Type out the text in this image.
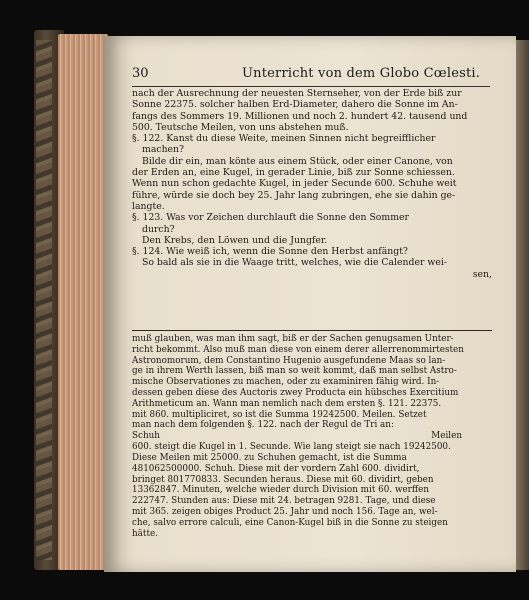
30	Unterricht von dem Globo Cœlesti.

nach der Ausrechnung der neuesten Sternseher, von der Erde biß zur

Sonne 22375. solcher halben Erd-Diameter, dahero die Sonne im An-

fangs des Sommers 19. Millionen und noch 2. hundert 42. tausend und

500. Teutsche Meilen, von uns abstehen muß.

§. 122. Kanst du diese Weite, meinen Sinnen nicht begreifflicher

machen?

Bilde dir ein, man könte aus einem Stück, oder einer Canone, von

der Erden an, eine Kugel, in gerader Linie, biß zur Sonne schiessen.

Wenn nun schon gedachte Kugel, in jeder Secunde 600. Schuhe weit

führe, würde sie doch bey 25. Jahr lang zubringen, ehe sie dahin ge-

langte.

§. 123. Was vor Zeichen durchlauft die Sonne den Sommer

durch?

Den Krebs, den Löwen und die Jungfer.

§. 124. Wie weiß ich, wenn die Sonne den Herbst anfängt?

So bald als sie in die Waage tritt, welches, wie die Calender wei-

sen,

muß glauben, was man ihm sagt, biß er der Sachen genugsamen Unter-

richt bekommt. Also muß man diese von einem derer allerrenommirtesten

Astronomorum, dem Constantino Hugenio ausgefundene Maas so lan-

ge in ihrem Werth lassen, biß man so weit kommt, daß man selbst Astro-

mische Observationes zu machen, oder zu examiniren fähig wird. In-

dessen geben diese des Auctoris zwey Producta ein hübsches Exercitium

Arithmeticum an. Wann man nemlich nach dem ersten §. 121. 22375.

mit 860. multipliciret, so ist die Summa 19242500. Meilen. Setzet

man nach dem folgenden §. 122. nach der Regul de Tri an:

Schuh	Meilen

600. steigt die Kugel in 1. Secunde. Wie lang steigt sie nach 19242500.

Diese Meilen mit 25000. zu Schuhen gemacht, ist die Summa

481062500000. Schuh. Diese mit der vordern Zahl 600. dividirt,

bringet 801770833. Secunden heraus. Diese mit 60. dividirt, geben

13362847. Minuten, welche wieder durch Division mit 60. werffen

222747. Stunden aus: Diese mit 24. betragen 9281. Tage, und diese

mit 365. zeigen obiges Product 25. Jahr und noch 156. Tage an, wel-

che, salvo errore calculi, eine Canon-Kugel biß in die Sonne zu steigen

hätte.
